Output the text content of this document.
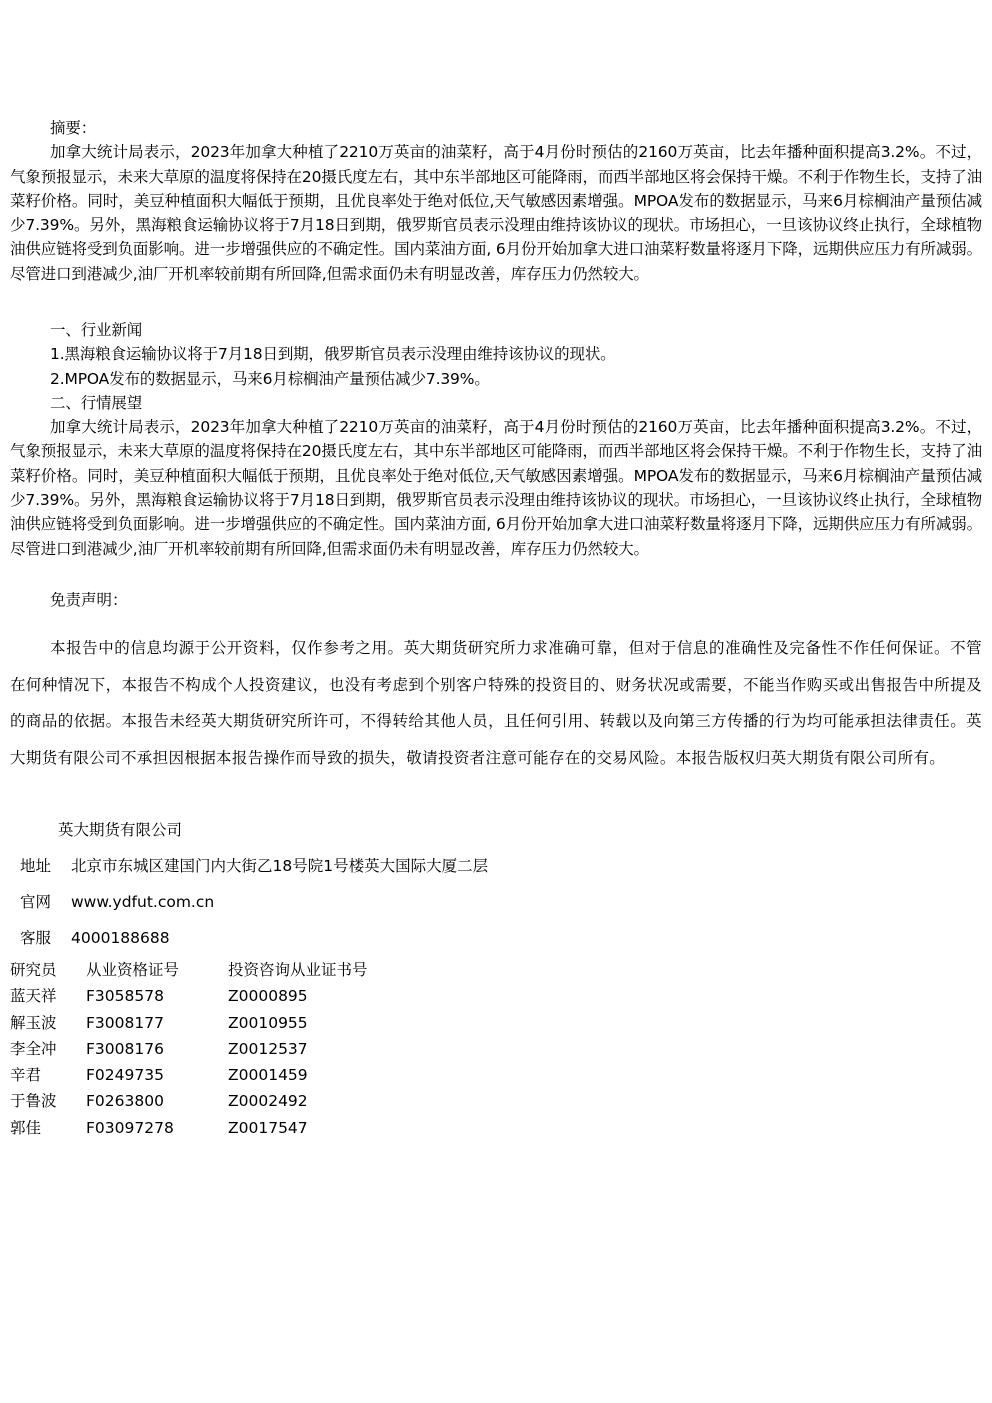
摘要：

加拿大统计局表示，2023年加拿大种植了2210万英亩的油菜籽，高于4月份时预估的2160万英亩，比去年播种面积提高3.2%。不过，气象预报显示，未来大草原的温度将保持在20摄氏度左右，其中东半部地区可能降雨，而西半部地区将会保持干燥。不利于作物生长，支持了油菜籽价格。同时，美豆种植面积大幅低于预期，且优良率处于绝对低位,天气敏感因素增强。MPOA发布的数据显示，马来6月棕榈油产量预估减少7.39%。另外，黑海粮食运输协议将于7月18日到期，俄罗斯官员表示没理由维持该协议的现状。市场担心，一旦该协议终止执行，全球植物油供应链将受到负面影响。进一步增强供应的不确定性。国内菜油方面, 6月份开始加拿大进口油菜籽数量将逐月下降，远期供应压力有所减弱。尽管进口到港减少,油厂开机率较前期有所回降,但需求面仍未有明显改善，库存压力仍然较大。

一、行业新闻

1.黑海粮食运输协议将于7月18日到期，俄罗斯官员表示没理由维持该协议的现状。

2.MPOA发布的数据显示，马来6月棕榈油产量预估减少7.39%。

二、行情展望

加拿大统计局表示，2023年加拿大种植了2210万英亩的油菜籽，高于4月份时预估的2160万英亩，比去年播种面积提高3.2%。不过，气象预报显示，未来大草原的温度将保持在20摄氏度左右，其中东半部地区可能降雨，而西半部地区将会保持干燥。不利于作物生长，支持了油菜籽价格。同时，美豆种植面积大幅低于预期，且优良率处于绝对低位,天气敏感因素增强。MPOA发布的数据显示，马来6月棕榈油产量预估减少7.39%。另外，黑海粮食运输协议将于7月18日到期，俄罗斯官员表示没理由维持该协议的现状。市场担心，一旦该协议终止执行，全球植物油供应链将受到负面影响。进一步增强供应的不确定性。国内菜油方面, 6月份开始加拿大进口油菜籽数量将逐月下降，远期供应压力有所减弱。尽管进口到港减少,油厂开机率较前期有所回降,但需求面仍未有明显改善，库存压力仍然较大。

免责声明：

本报告中的信息均源于公开资料，仅作参考之用。英大期货研究所力求准确可靠，但对于信息的准确性及完备性不作任何保证。不管在何种情况下，本报告不构成个人投资建议，也没有考虑到个别客户特殊的投资目的、财务状况或需要，不能当作购买或出售报告中所提及的商品的依据。本报告未经英大期货研究所许可，不得转给其他人员，且任何引用、转载以及向第三方传播的行为均可能承担法律责任。英大期货有限公司不承担因根据本报告操作而导致的损失，敬请投资者注意可能存在的交易风险。本报告版权归英大期货有限公司所有。

英大期货有限公司
地址 北京市东城区建国门内大街乙18号院1号楼英大国际大厦二层
官网 www.ydfut.com.cn
客服 4000188688
研究员	从业资格证号	投资咨询从业证书号
蓝天祥	F3058578	Z0000895
解玉波	F3008177	Z0010955
李全冲	F3008176	Z0012537
辛君	F0249735	Z0001459
于鲁波	F0263800	Z0002492
郭佳	F03097278	Z0017547
